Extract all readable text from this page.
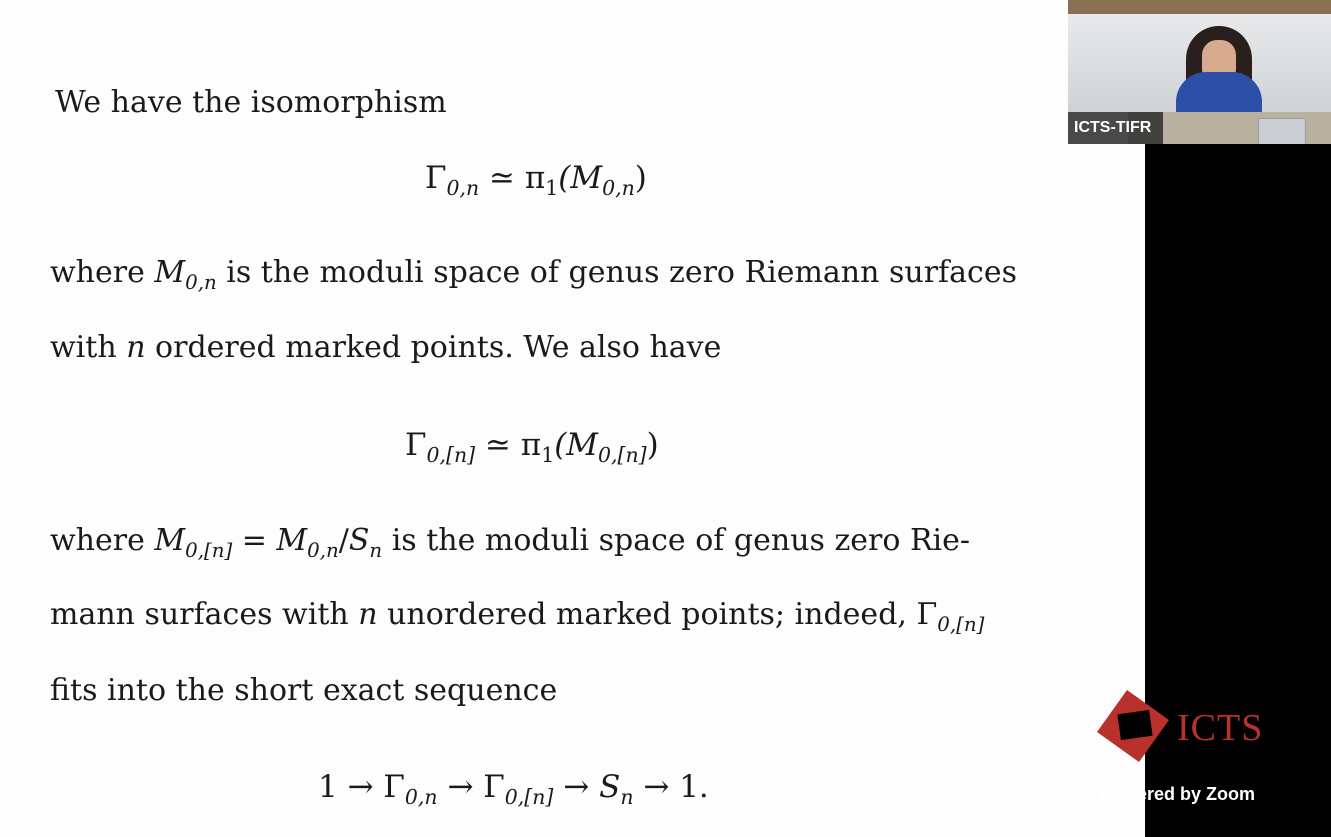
We have the isomorphism
$\Gamma_{0,n}$ ≃ $\pi_1(M_{0,n})$
where $M_{0,n}$ is the moduli space of genus zero Riemann surfaces
with n ordered marked points. We also have
$\Gamma_{0,[n]}$ ≃ $\pi_1(M_{0,[n]})$
where $M_{0,[n]} = M_{0,n}/S_n$ is the moduli space of genus zero Rie-
mann surfaces with n unordered marked points; indeed, $\Gamma_{0,[n]}$
fits into the short exact sequence
$1 \to \Gamma_{0,n} \to \Gamma_{0,[n]} \to S_n \to 1$.
ICTS-TIFR
ICTS
Powered by Zoom
